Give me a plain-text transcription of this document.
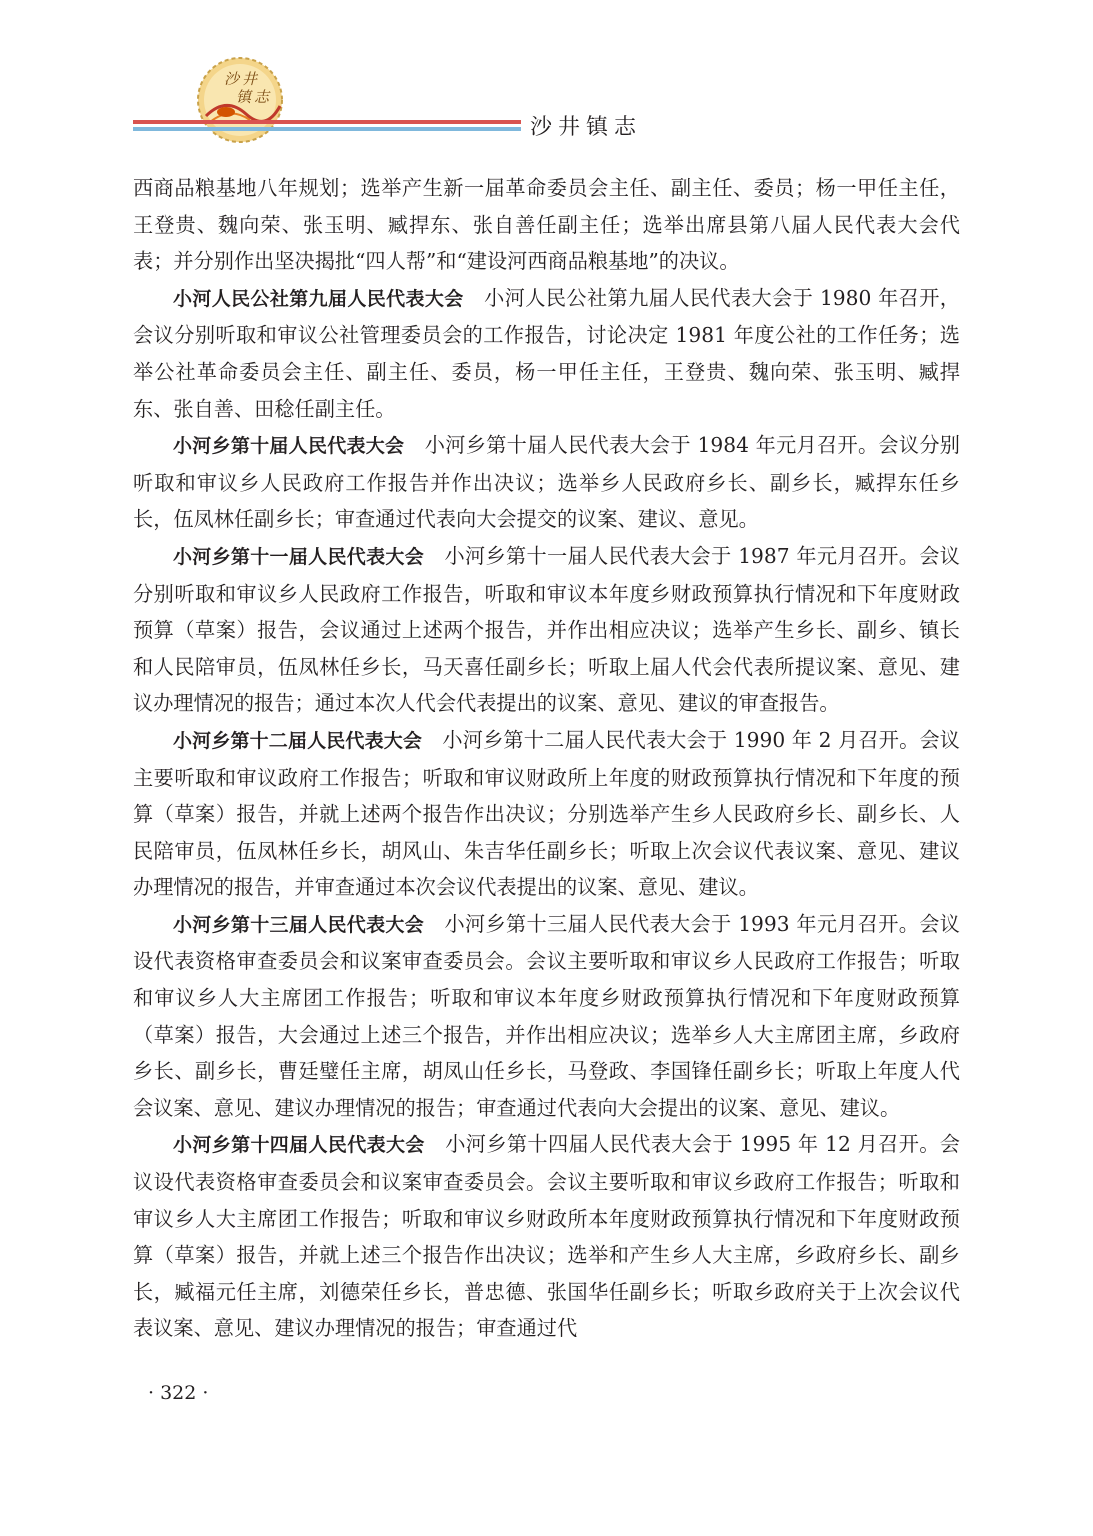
沙 井
镇 志
沙井镇志

西商品粮基地八年规划；选举产生新一届革命委员会主任、副主任、委员；杨一甲任主任，王登贵、魏向荣、张玉明、臧捍东、张自善任副主任；选举出席县第八届人民代表大会代表；并分别作出坚决揭批“四人帮”和“建设河西商品粮基地”的决议。

小河人民公社第九届人民代表大会  小河人民公社第九届人民代表大会于 1980 年召开，会议分别听取和审议公社管理委员会的工作报告，讨论决定 1981 年度公社的工作任务；选举公社革命委员会主任、副主任、委员，杨一甲任主任，王登贵、魏向荣、张玉明、臧捍东、张自善、田稔任副主任。

小河乡第十届人民代表大会  小河乡第十届人民代表大会于 1984 年元月召开。会议分别听取和审议乡人民政府工作报告并作出决议；选举乡人民政府乡长、副乡长，臧捍东任乡长，伍凤林任副乡长；审查通过代表向大会提交的议案、建议、意见。

小河乡第十一届人民代表大会  小河乡第十一届人民代表大会于 1987 年元月召开。会议分别听取和审议乡人民政府工作报告，听取和审议本年度乡财政预算执行情况和下年度财政预算（草案）报告，会议通过上述两个报告，并作出相应决议；选举产生乡长、副乡、镇长和人民陪审员，伍凤林任乡长，马天喜任副乡长；听取上届人代会代表所提议案、意见、建议办理情况的报告；通过本次人代会代表提出的议案、意见、建议的审查报告。

小河乡第十二届人民代表大会  小河乡第十二届人民代表大会于 1990 年 2 月召开。会议主要听取和审议政府工作报告；听取和审议财政所上年度的财政预算执行情况和下年度的预算（草案）报告，并就上述两个报告作出决议；分别选举产生乡人民政府乡长、副乡长、人民陪审员，伍凤林任乡长，胡风山、朱吉华任副乡长；听取上次会议代表议案、意见、建议办理情况的报告，并审查通过本次会议代表提出的议案、意见、建议。

小河乡第十三届人民代表大会  小河乡第十三届人民代表大会于 1993 年元月召开。会议设代表资格审查委员会和议案审查委员会。会议主要听取和审议乡人民政府工作报告；听取和审议乡人大主席团工作报告；听取和审议本年度乡财政预算执行情况和下年度财政预算（草案）报告，大会通过上述三个报告，并作出相应决议；选举乡人大主席团主席，乡政府乡长、副乡长，曹廷璧任主席，胡凤山任乡长，马登政、李国锋任副乡长；听取上年度人代会议案、意见、建议办理情况的报告；审查通过代表向大会提出的议案、意见、建议。

小河乡第十四届人民代表大会  小河乡第十四届人民代表大会于 1995 年 12 月召开。会议设代表资格审查委员会和议案审查委员会。会议主要听取和审议乡政府工作报告；听取和审议乡人大主席团工作报告；听取和审议乡财政所本年度财政预算执行情况和下年度财政预算（草案）报告，并就上述三个报告作出决议；选举和产生乡人大主席，乡政府乡长、副乡长，臧福元任主席，刘德荣任乡长，普忠德、张国华任副乡长；听取乡政府关于上次会议代表议案、意见、建议办理情况的报告；审查通过代

· 322 ·
